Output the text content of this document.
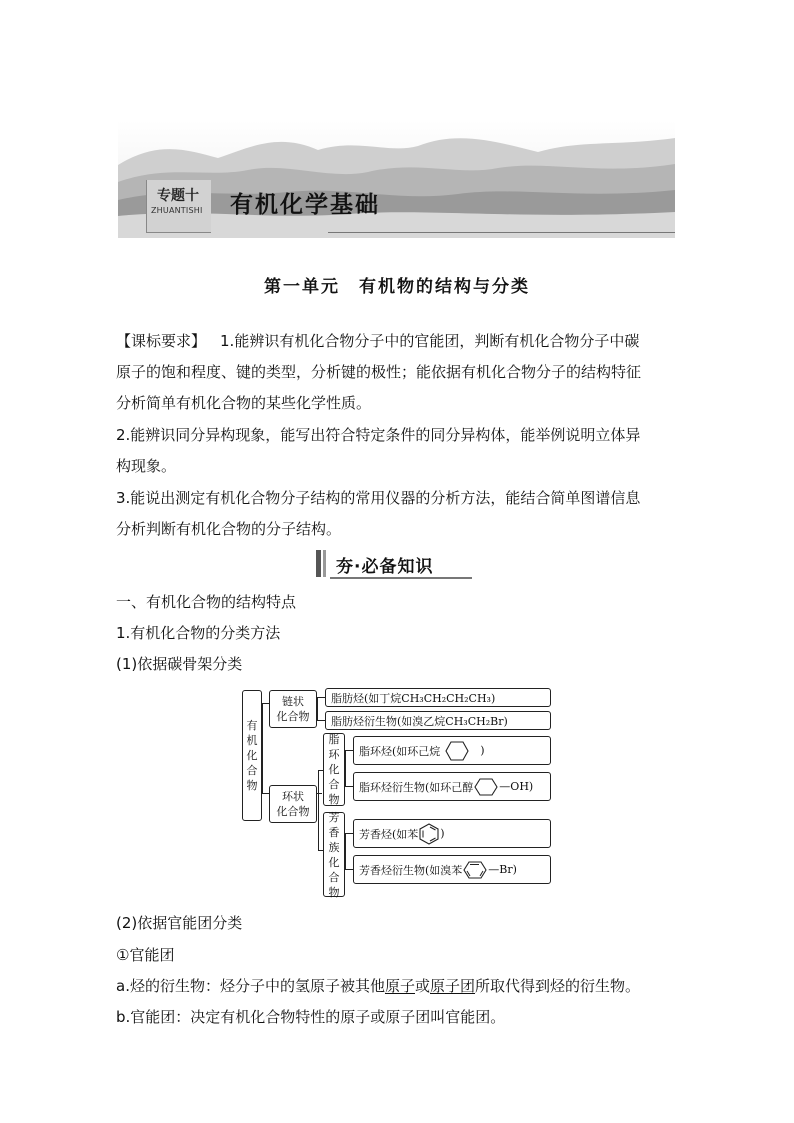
专题十
ZHUANTISHI 有机化学基础
第一单元　有机物的结构与分类
【课标要求】 1.能辨识有机化合物分子中的官能团，判断有机化合物分子中碳
原子的饱和程度、键的类型，分析键的极性；能依据有机化合物分子的结构特征
分析简单有机化合物的某些化学性质。
2.能辨识同分异构现象，能写出符合特定条件的同分异构体，能举例说明立体异
构现象。
3.能说出测定有机化合物分子结构的常用仪器的分析方法，能结合简单图谱信息
分析判断有机化合物的分子结构。
夯·必备知识
一、有机化合物的结构特点
1.有机化合物的分类方法
(1)依据碳骨架分类
有
机
化
合
物
链状
化合物
环状
化合物
脂
环
化
合
物
芳
香
族
化
合
物
脂肪烃(如丁烷CH₃CH₂CH₂CH₃)
脂肪烃衍生物(如溴乙烷CH₃CH₂Br)
脂环烃(如环己烷	)
脂环烃衍生物(如环己醇 —OH)
芳香烃(如苯 )
芳香烃衍生物(如溴苯 —Br)
(2)依据官能团分类
①官能团
a.烃的衍生物：烃分子中的氢原子被其他原子或原子团所取代得到烃的衍生物。
b.官能团：决定有机化合物特性的原子或原子团叫官能团。
